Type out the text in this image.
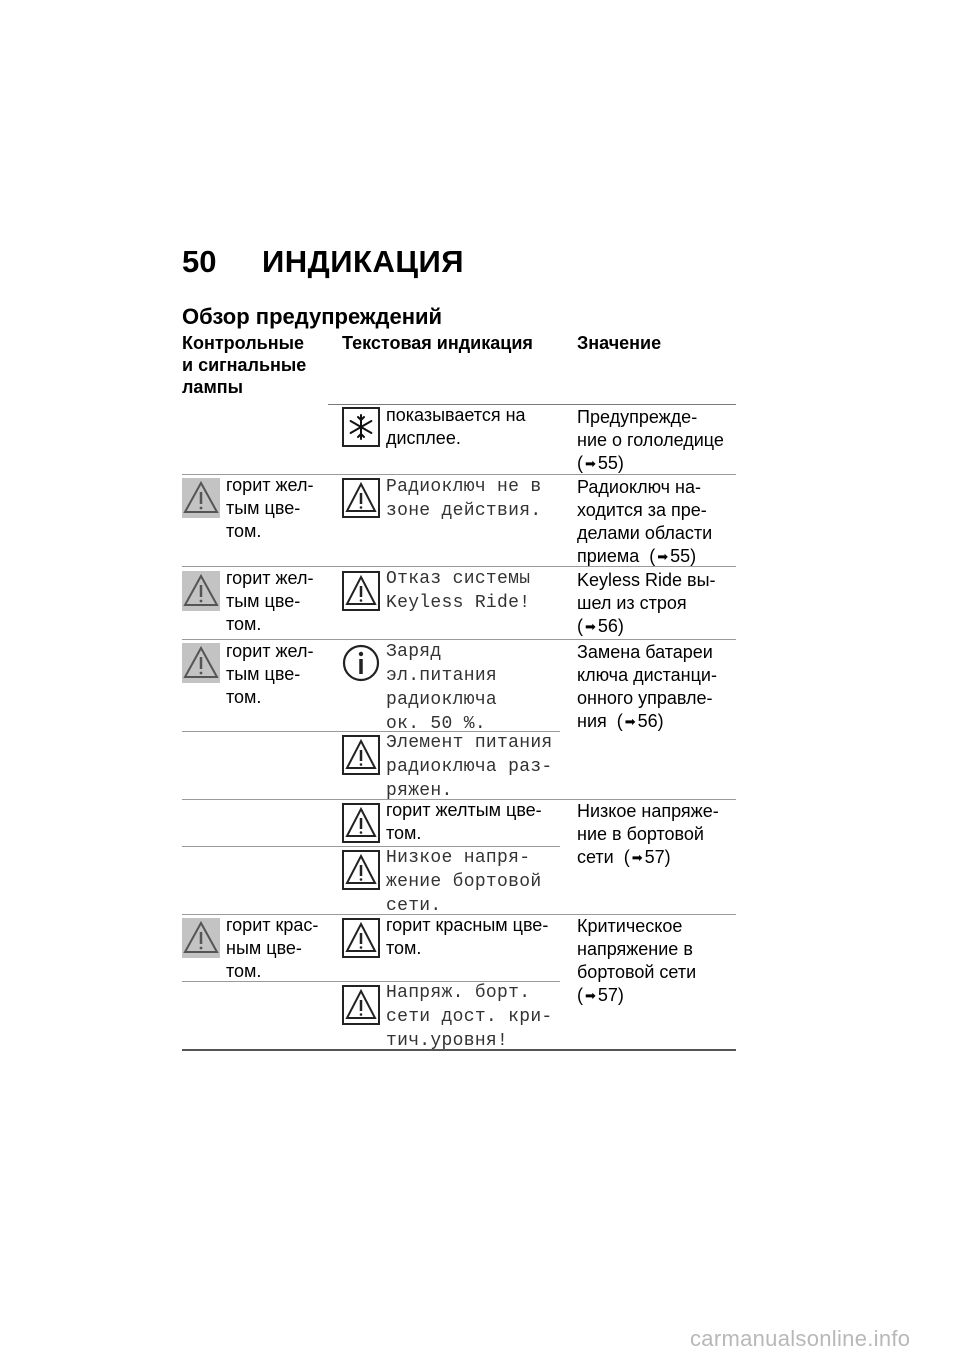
50 ИНДИКАЦИЯ
Обзор предупреждений
Контрольные
и сигнальные
лампы
Текстовая индикация Значение
показывается на
дисплее.
Предупрежде-
ние о гололедице
( ➡ 55)
горит жел-
тым цве-
том.
Радиоключ не в
зоне действия.
Радиоключ на-
ходится за пре-
делами области
приема  ( ➡ 55)
горит жел-
тым цве-
том.
Отказ системы
Keyless Ride!
Keyless Ride вы-
шел из строя
( ➡ 56)
горит жел-
тым цве-
том.
Заряд
эл.питания
радиоключа
ок. 50 %.
Замена батареи
ключа дистанци-
онного управле-
ния  ( ➡ 56)
Элемент питания
радиоключа раз-
ряжен.
горит желтым цве-
том.
Низкое напряже-
ние в бортовой
сети  ( ➡ 57)
Низкое напря-
жение бортовой
сети.
горит крас-
ным цве-
том.
горит красным цве-
том.
Критическое
напряжение в
бортовой сети
( ➡ 57)
Напряж. борт.
сети дост. кри-
тич.уровня!
carmanualsonline.info
